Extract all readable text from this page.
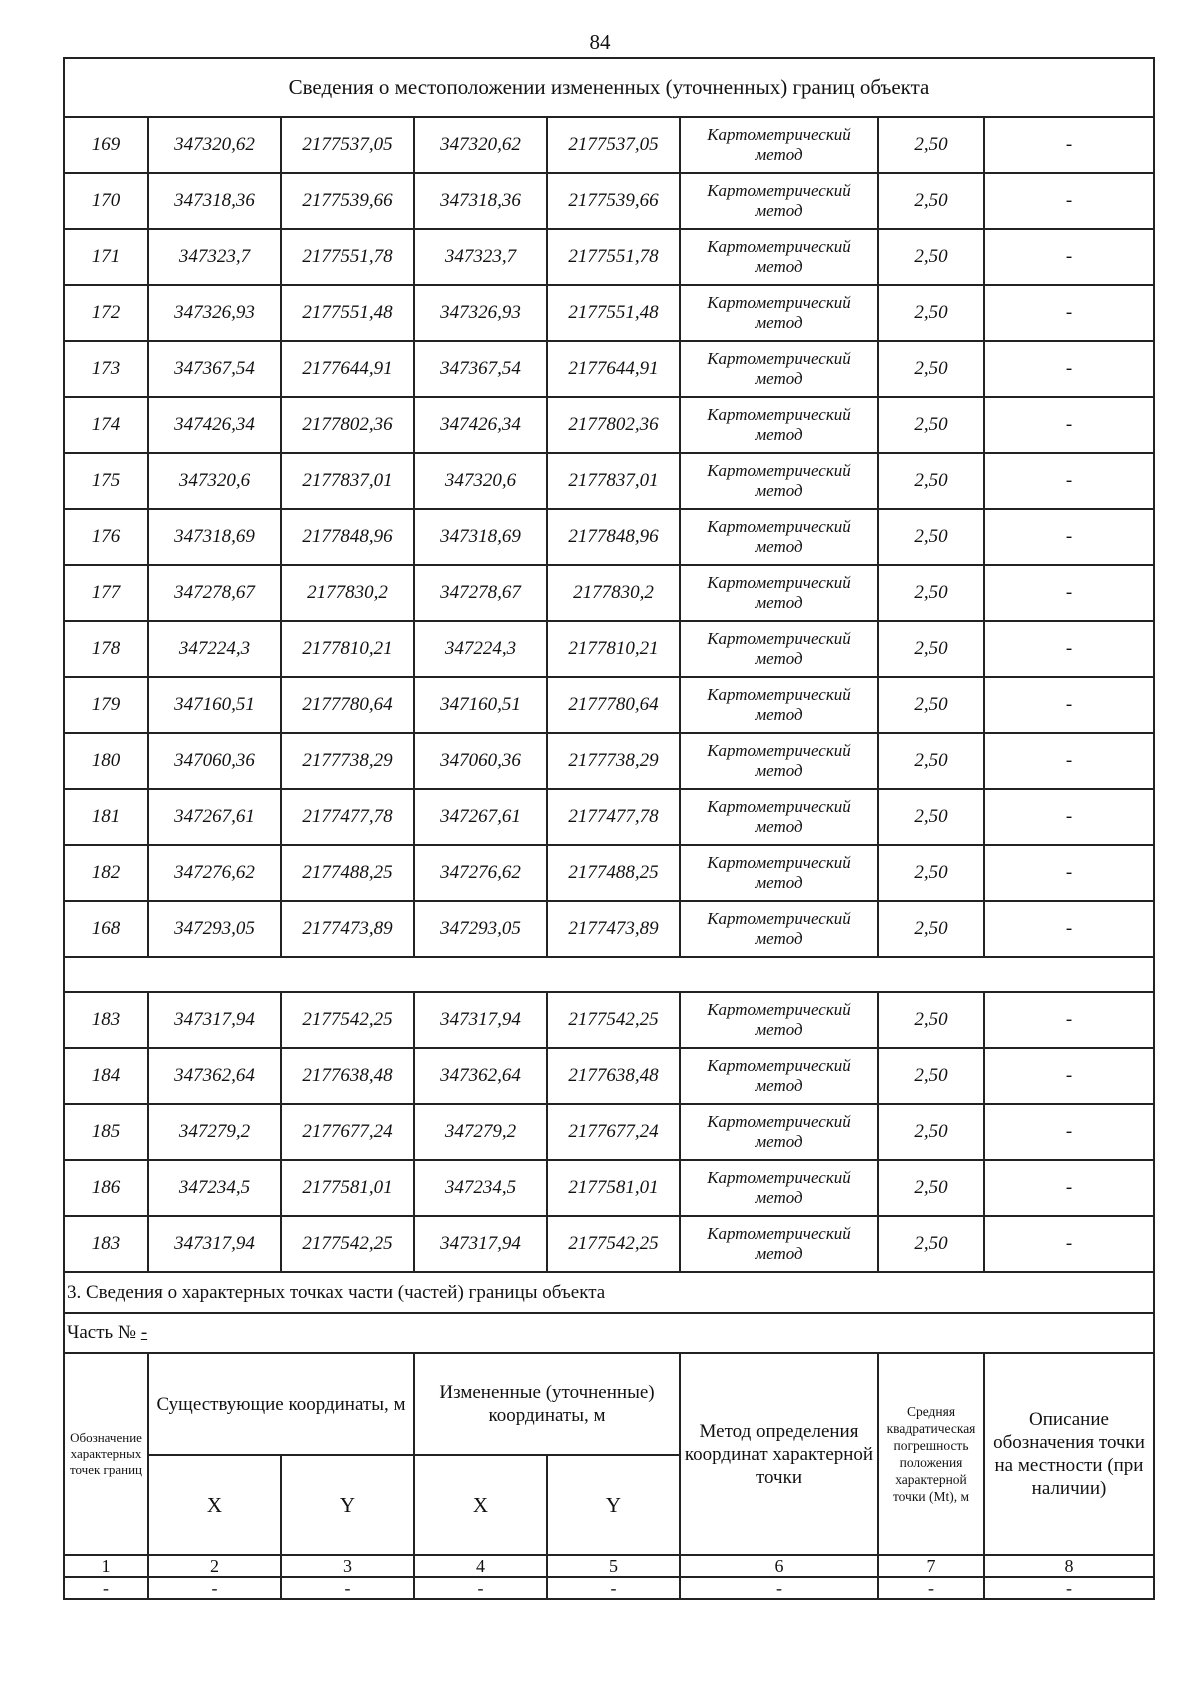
84
Сведения о местоположении измененных (уточненных) границ объекта							
169	347320,62	2177537,05	347320,62	2177537,05	Картометрический метод	2,50	-
170	347318,36	2177539,66	347318,36	2177539,66	Картометрический метод	2,50	-
171	347323,7	2177551,78	347323,7	2177551,78	Картометрический метод	2,50	-
172	347326,93	2177551,48	347326,93	2177551,48	Картометрический метод	2,50	-
173	347367,54	2177644,91	347367,54	2177644,91	Картометрический метод	2,50	-
174	347426,34	2177802,36	347426,34	2177802,36	Картометрический метод	2,50	-
175	347320,6	2177837,01	347320,6	2177837,01	Картометрический метод	2,50	-
176	347318,69	2177848,96	347318,69	2177848,96	Картометрический метод	2,50	-
177	347278,67	2177830,2	347278,67	2177830,2	Картометрический метод	2,50	-
178	347224,3	2177810,21	347224,3	2177810,21	Картометрический метод	2,50	-
179	347160,51	2177780,64	347160,51	2177780,64	Картометрический метод	2,50	-
180	347060,36	2177738,29	347060,36	2177738,29	Картометрический метод	2,50	-
181	347267,61	2177477,78	347267,61	2177477,78	Картометрический метод	2,50	-
182	347276,62	2177488,25	347276,62	2177488,25	Картометрический метод	2,50	-
168	347293,05	2177473,89	347293,05	2177473,89	Картометрический метод	2,50	-

183	347317,94	2177542,25	347317,94	2177542,25	Картометрический метод	2,50	-
184	347362,64	2177638,48	347362,64	2177638,48	Картометрический метод	2,50	-
185	347279,2	2177677,24	347279,2	2177677,24	Картометрический метод	2,50	-
186	347234,5	2177581,01	347234,5	2177581,01	Картометрический метод	2,50	-
183	347317,94	2177542,25	347317,94	2177542,25	Картометрический метод	2,50	-
3. Сведения о характерных точках части (частей) границы объекта							
Часть № -							
Обозначение характерных точек границ	Существующие координаты, м		Измененные (уточненные) координаты, м		Метод определения координат характерной точки	Средняя квадратическая погрешность положения характерной точки (Mt), м	Описание обозначения точки на местности (при наличии)
	X	Y	X	Y			
1	2	3	4	5	6	7	8
-	-	-	-	-	-	-	-
